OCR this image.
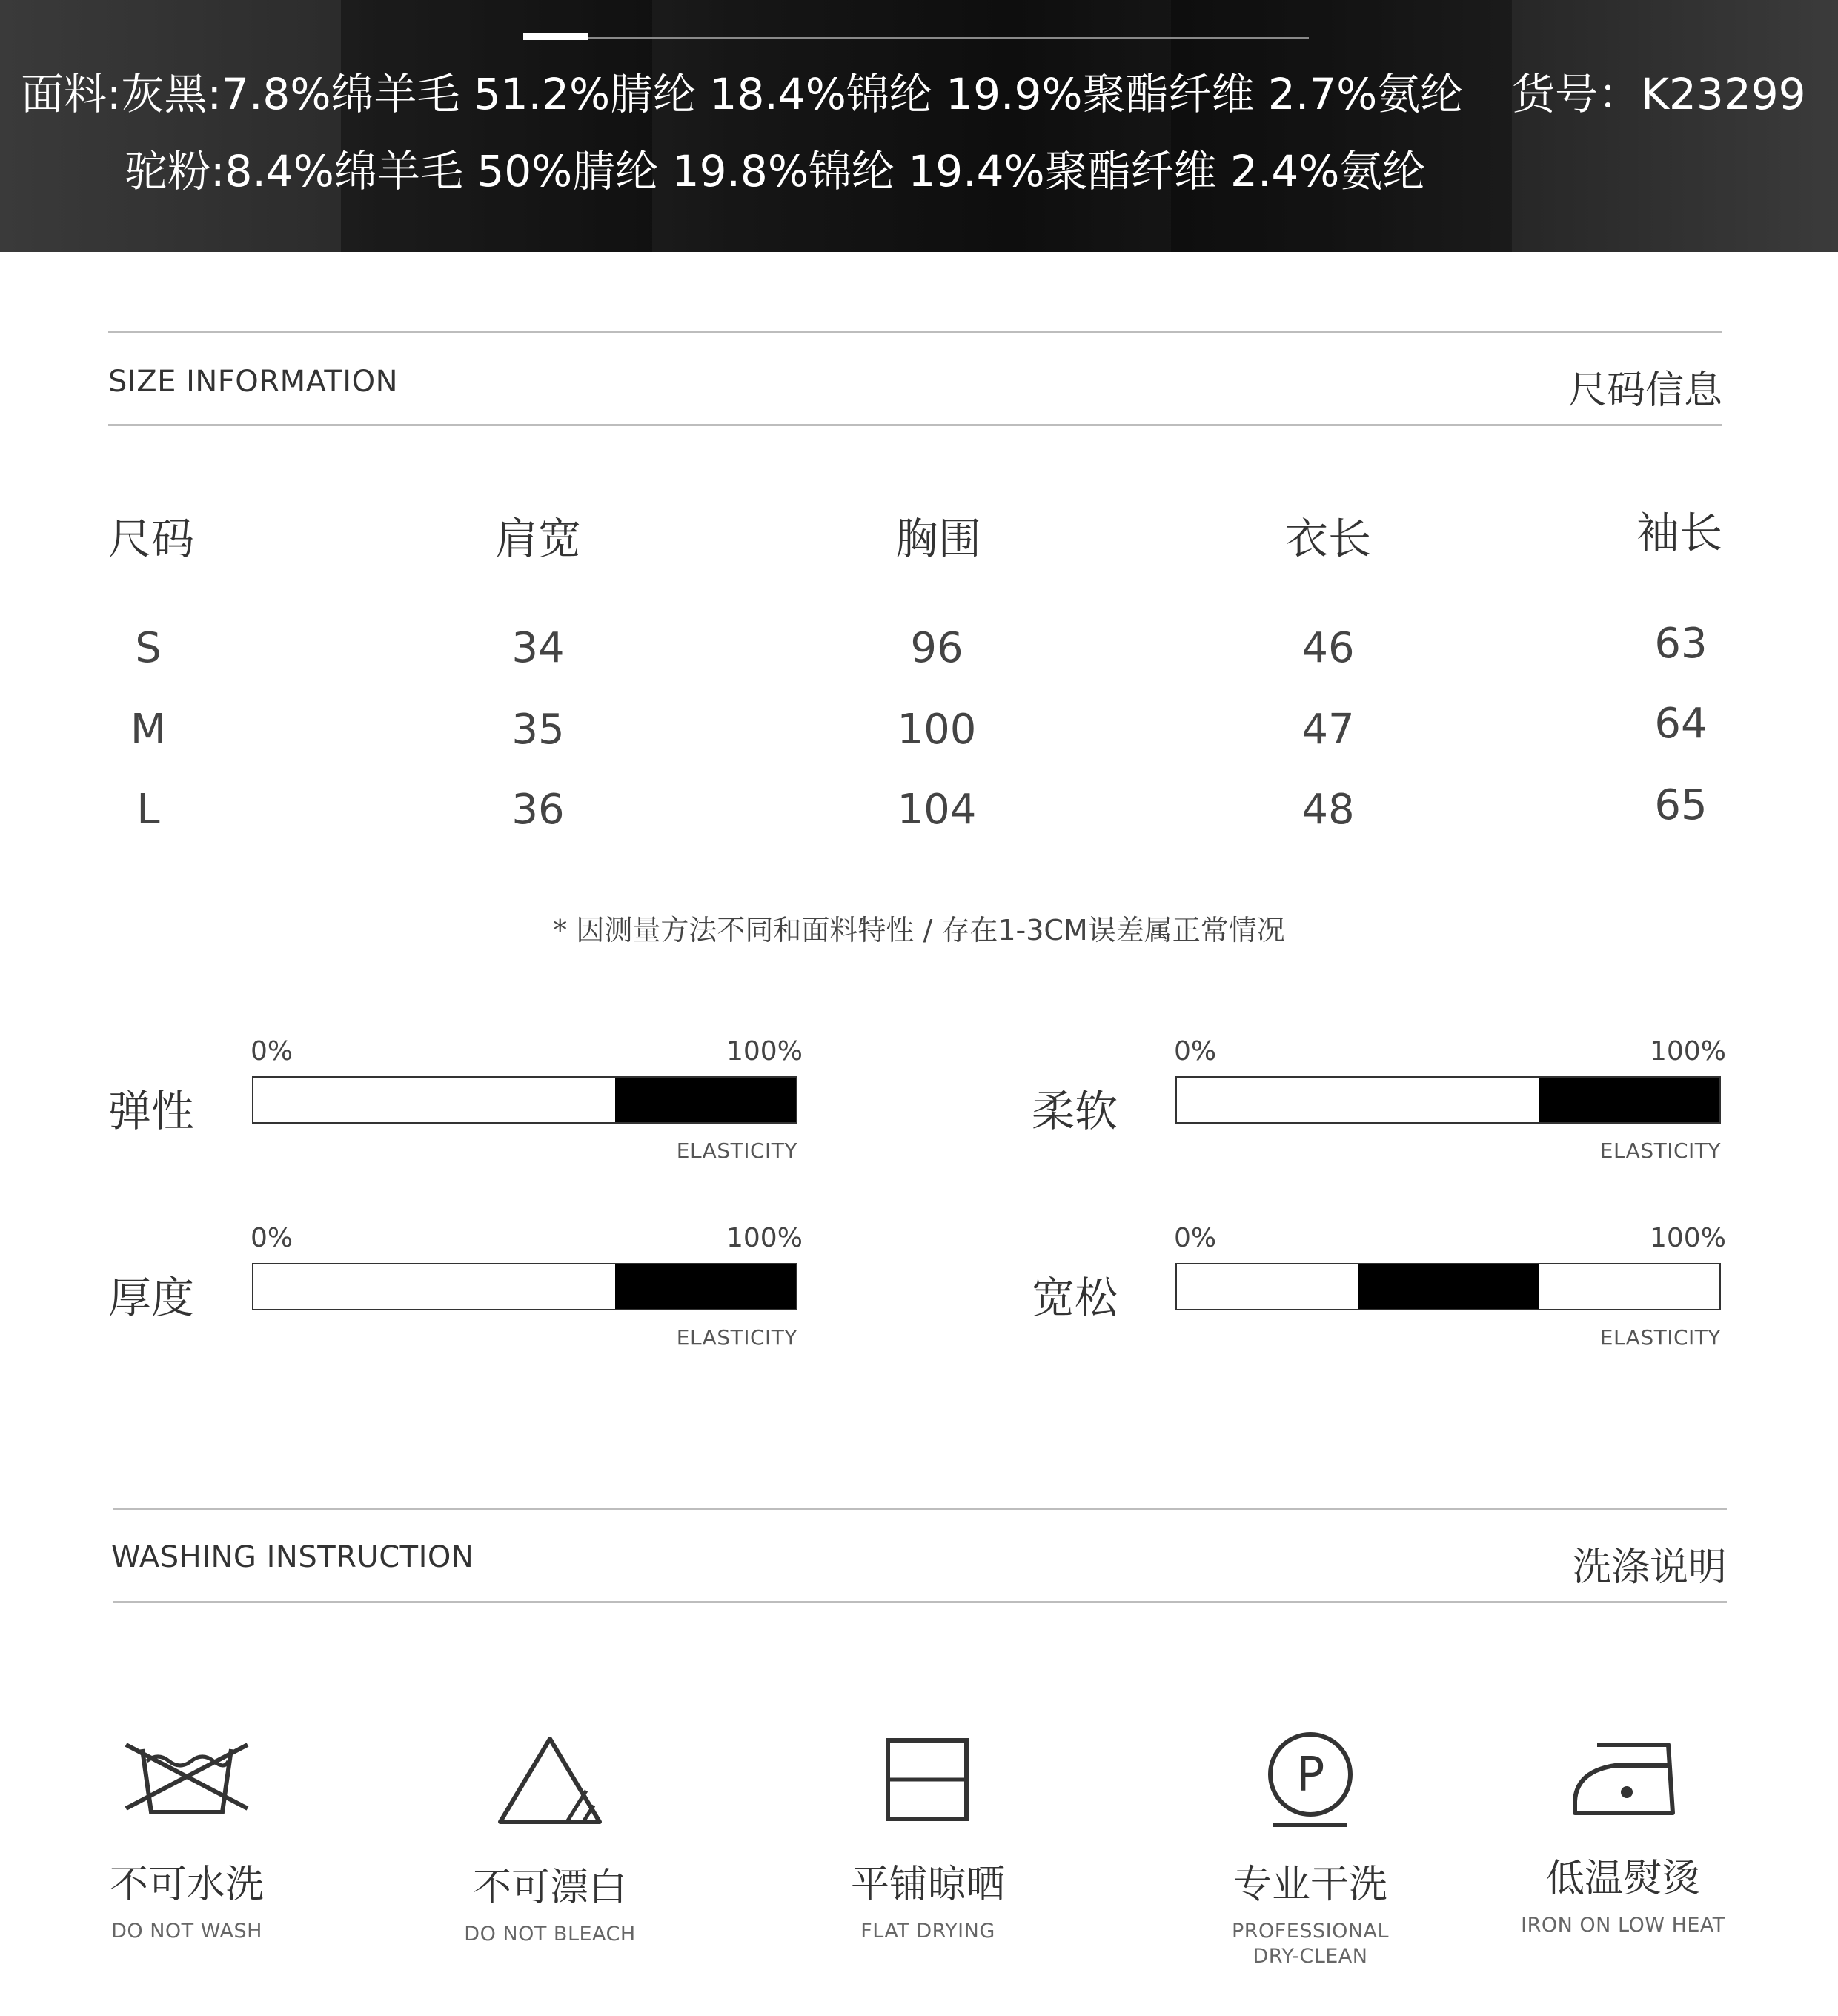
面料:灰黑:7.8%绵羊毛 51.2%腈纶 18.4%锦纶 19.9%聚酯纤维 2.7%氨纶 货号：K23299
驼粉:8.4%绵羊毛 50%腈纶 19.8%锦纶 19.4%聚酯纤维 2.4%氨纶
SIZE INFORMATION	尺码信息
尺码	肩宽	胸围	衣长	袖长
S	34	96	46	63
M	35	100	47	64
L	36	104	48	65
* 因测量方法不同和面料特性 / 存在1-3CM误差属正常情况
0%	100%
弹性
ELASTICITY
0%	100%
柔软
ELASTICITY
0%	100%
厚度
ELASTICITY
0%	100%
宽松
ELASTICITY
WASHING INSTRUCTION	洗涤说明
不可水洗
DO NOT WASH
不可漂白
DO NOT BLEACH
平铺晾晒
FLAT DRYING
P
专业干洗
PROFESSIONAL
DRY-CLEAN
低温熨烫
IRON ON LOW HEAT
